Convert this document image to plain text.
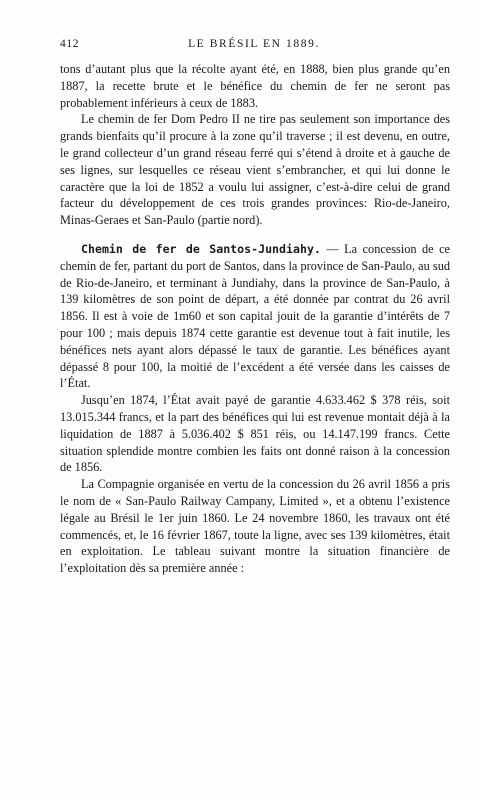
412	LE BRÉSIL EN 1889.

tons d’autant plus que la récolte ayant été, en 1888, bien plus grande qu’en 1887, la recette brute et le bénéfice du chemin de fer ne seront pas probablement inférieurs à ceux de 1883.

Le chemin de fer Dom Pedro II ne tire pas seulement son importance des grands bienfaits qu’il procure à la zone qu’il traverse ; il est devenu, en outre, le grand collecteur d’un grand réseau ferré qui s’étend à droite et à gauche de ses lignes, sur lesquelles ce réseau vient s’embrancher, et qui lui donne le caractère que la loi de 1852 a voulu lui assigner, c’est-à-dire celui de grand facteur du développement de ces trois grandes provinces: Rio-de-Janeiro, Minas-Geraes et San-Paulo (partie nord).

Chemin de fer de Santos-Jundiahy. — La concession de ce chemin de fer, partant du port de Santos, dans la province de San-Paulo, au sud de Rio-de-Janeiro, et terminant à Jundiahy, dans la province de San-Paulo, à 139 kilomètres de son point de départ, a été donnée par contrat du 26 avril 1856. Il est à voie de 1m60 et son capital jouit de la garantie d’intérêts de 7 pour 100 ; mais depuis 1874 cette garantie est devenue tout à fait inutile, les bénéfices nets ayant alors dépassé le taux de garantie. Les bénéfices ayant dépassé 8 pour 100, la moitié de l’excédent a été versée dans les caisses de l’État.

Jusqu’en 1874, l’État avait payé de garantie 4.633.462 $ 378 réis, soit 13.015.344 francs, et la part des bénéfices qui lui est revenue montait déjà à la liquidation de 1887 à 5.036.402 $ 851 réis, ou 14.147.199 francs. Cette situation splendide montre combien les faits ont donné raison à la concession de 1856.

La Compagnie organisée en vertu de la concession du 26 avril 1856 a pris le nom de « San-Paulo Railway Campany, Limited », et a obtenu l’existence légale au Brésil le 1er juin 1860. Le 24 novembre 1860, les travaux ont été commencés, et, le 16 février 1867, toute la ligne, avec ses 139 kilomètres, était en exploitation. Le tableau suivant montre la situation financière de l’exploitation dès sa première année :
